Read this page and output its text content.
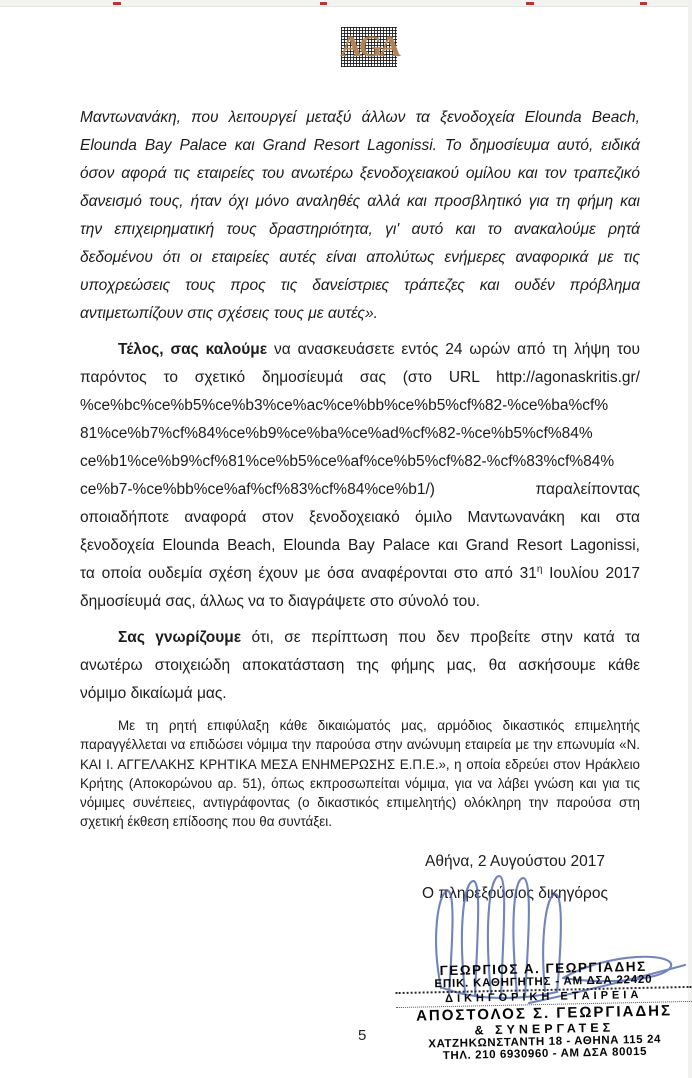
AGA
Μαντωνανάκη, που λειτουργεί μεταξύ άλλων τα ξενοδοχεία Elounda Beach,
Elounda Bay Palace και Grand Resort Lagonissi. Το δημοσίευμα αυτό, ειδικά
όσον αφορά τις εταιρείες του ανωτέρω ξενοδοχειακού ομίλου και τον τραπεζικό
δανεισμό τους, ήταν όχι μόνο αναληθές αλλά και προσβλητικό για τη φήμη και
την επιχειρηματική τους δραστηριότητα, γι' αυτό και το ανακαλούμε ρητά
δεδομένου ότι οι εταιρείες αυτές είναι απολύτως ενήμερες αναφορικά με τις
υποχρεώσεις τους προς τις δανείστριες τράπεζες και ουδέν πρόβλημα
αντιμετωπίζουν στις σχέσεις τους με αυτές».
Τέλος, σας καλούμε να ανασκευάσετε εντός 24 ωρών από τη λήψη του
παρόντος το σχετικό δημοσίευμά σας (στο URL http://agonaskritis.gr/
%ce%bc%ce%b5%ce%b3%ce%ac%ce%bb%ce%b5%cf%82-%ce%ba%cf%
81%ce%b7%cf%84%ce%b9%ce%ba%ce%ad%cf%82-%ce%b5%cf%84%
ce%b1%ce%b9%cf%81%ce%b5%ce%af%ce%b5%cf%82-%cf%83%cf%84%
ce%b7-%ce%bb%ce%af%cf%83%cf%84%ce%b1/)	παραλείποντας
οποιαδήποτε αναφορά στον ξενοδοχειακό όμιλο Μαντωνανάκη και στα
ξενοδοχεία Elounda Beach, Elounda Bay Palace και Grand Resort Lagonissi,
τα οποία ουδεμία σχέση έχουν με όσα αναφέρονται στο από $31^\eta$ Ιουλίου 2017
δημοσίευμά σας, άλλως να το διαγράψετε στο σύνολό του.
Σας γνωρίζουμε ότι, σε περίπτωση που δεν προβείτε στην κατά τα
ανωτέρω στοιχειώδη αποκατάσταση της φήμης μας, θα ασκήσουμε κάθε
νόμιμο δικαίωμά μας.
Με τη ρητή επιφύλαξη κάθε δικαιώματός μας, αρμόδιος δικαστικός επιμελητής
παραγγέλλεται να επιδώσει νόμιμα την παρούσα στην ανώνυμη εταιρεία με την επωνυμία «Ν.
ΚΑΙ Ι. ΑΓΓΕΛΑΚΗΣ ΚΡΗΤΙΚΑ ΜΕΣΑ ΕΝΗΜΕΡΩΣΗΣ Ε.Π.Ε.», η οποία εδρεύει στον Ηράκλειο
Κρήτης (Αποκορώνου αρ. 51), όπως εκπροσωπείται νόμιμα, για να λάβει γνώση και για τις
νόμιμες συνέπειες, αντιγράφοντας (ο δικαστικός επιμελητής) ολόκληρη την παρούσα στη
σχετική έκθεση επίδοσης που θα συντάξει.
Αθήνα, 2 Αυγούστου 2017
Ο πληρεξούσιος δικηγόρος
ΓΕΩΡΓΙΟΣ Α. ΓΕΩΡΓΙΑΔΗΣ
ΕΠΙΚ. ΚΑΘΗΓΗΤΗΣ - ΑΜ ΔΣΑ 22420
ΔΙΚΗΓΟΡΙΚΗ ΕΤΑΙΡΕΙΑ
ΑΠΟΣΤΟΛΟΣ Σ. ΓΕΩΡΓΙΑΔΗΣ
& ΣΥΝΕΡΓΑΤΕΣ
ΧΑΤΖΗΚΩΝΣΤΑΝΤΗ 18 - ΑΘΗΝΑ 115 24
ΤΗΛ. 210 6930960 - ΑΜ ΔΣΑ 80015
5
